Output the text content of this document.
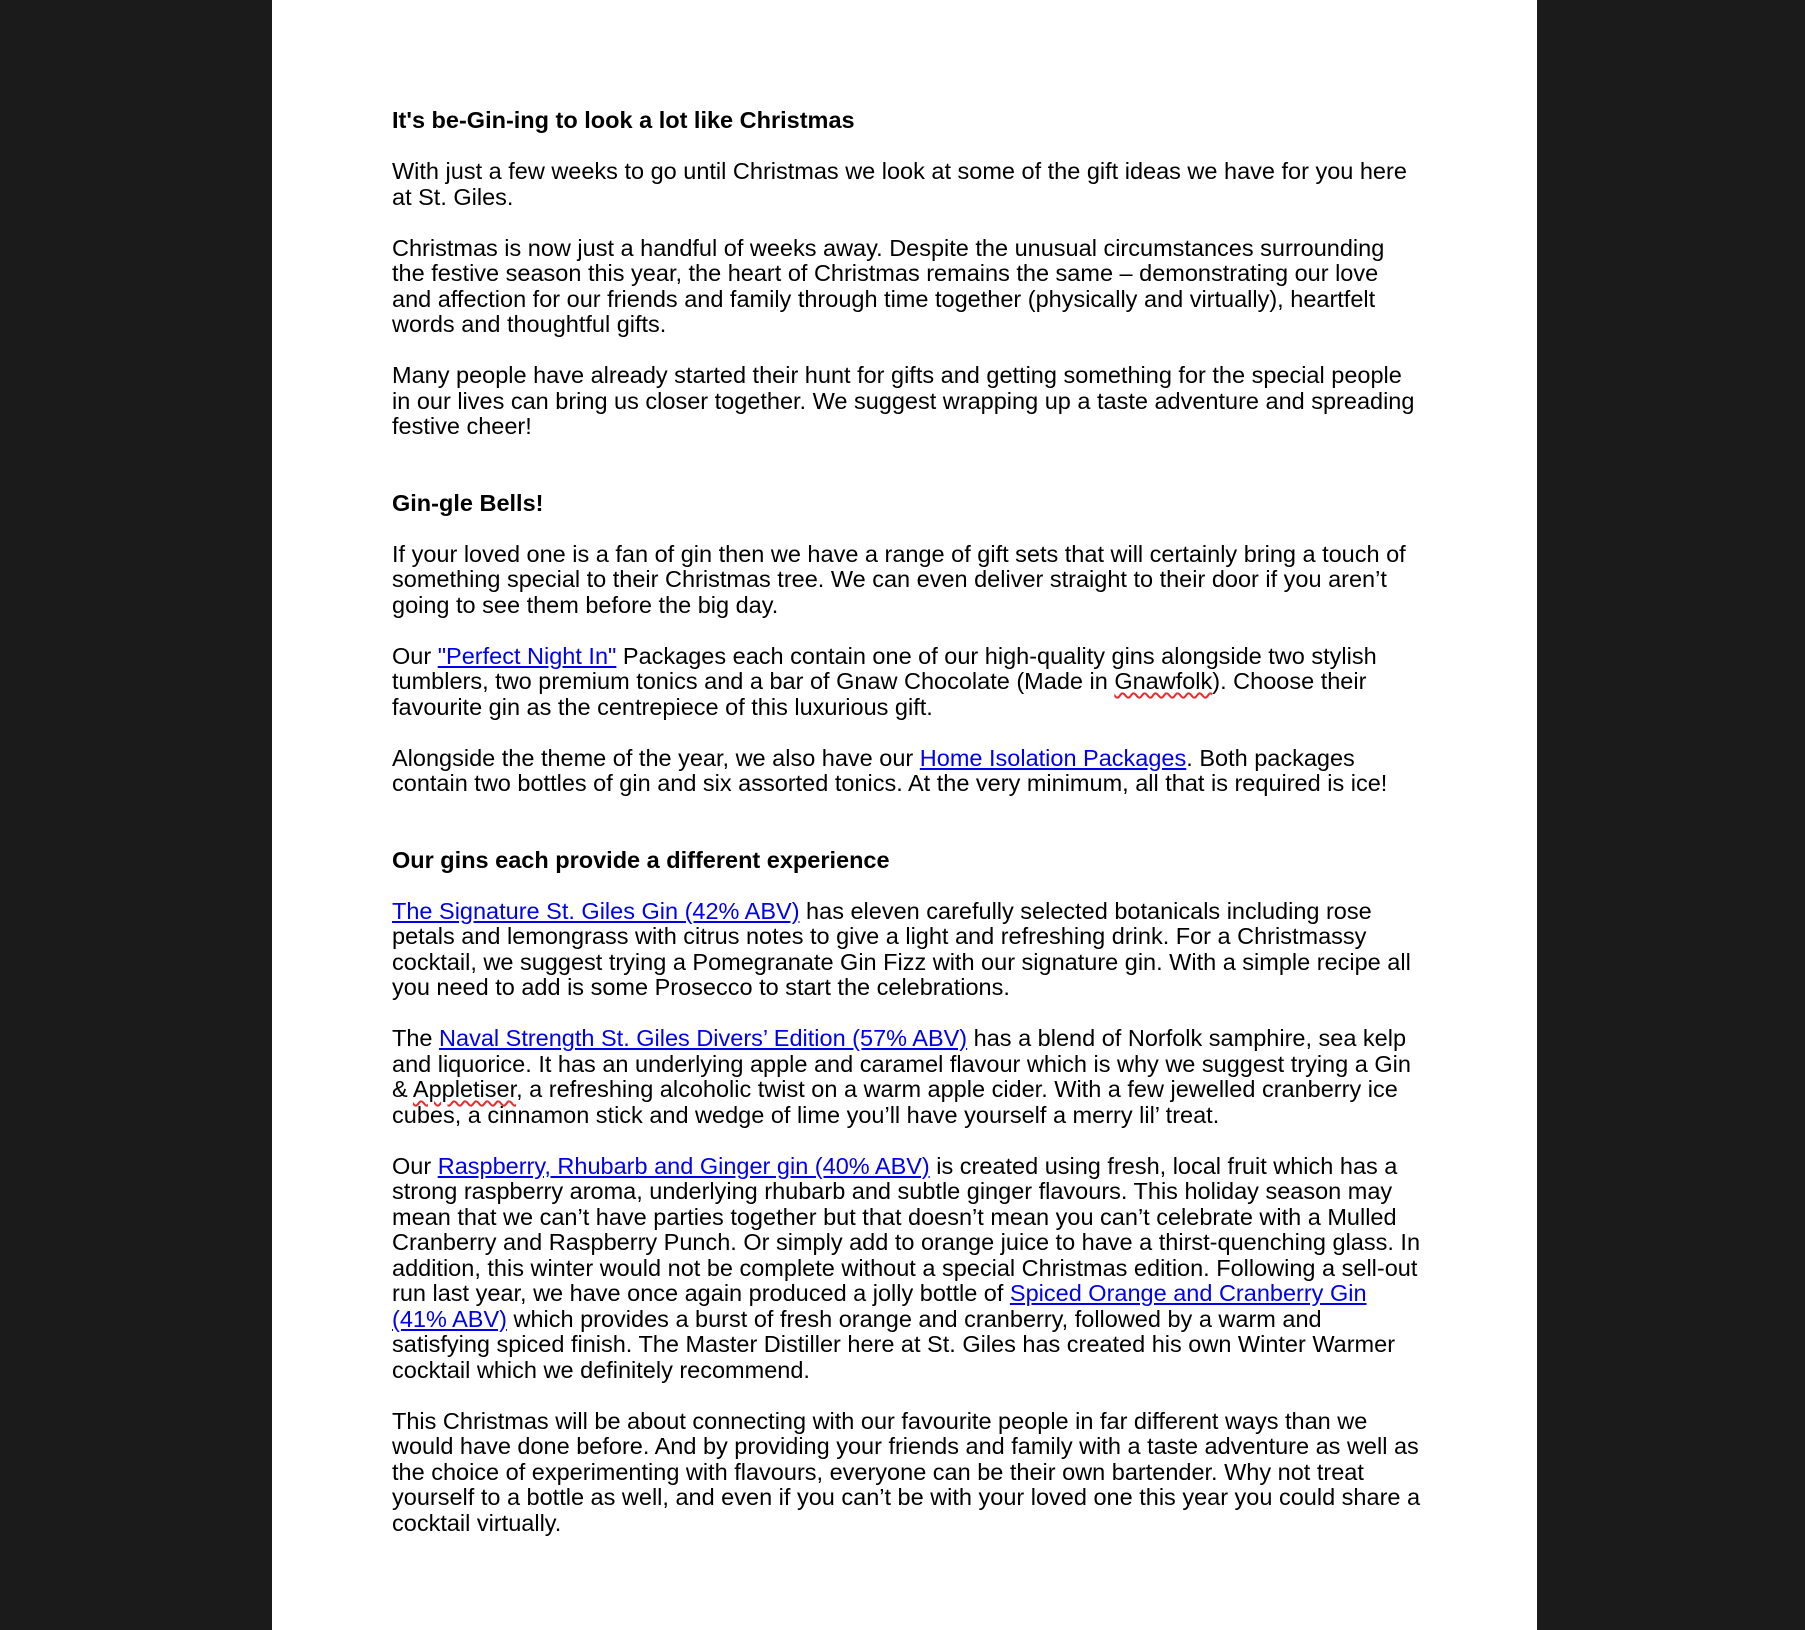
It's be-Gin-ing to look a lot like Christmas

With just a few weeks to go until Christmas we look at some of the gift ideas we have for you here at St. Giles.

Christmas is now just a handful of weeks away. Despite the unusual circumstances surrounding the festive season this year, the heart of Christmas remains the same – demonstrating our love and affection for our friends and family through time together (physically and virtually), heartfelt words and thoughtful gifts.

Many people have already started their hunt for gifts and getting something for the special people in our lives can bring us closer together. We suggest wrapping up a taste adventure and spreading festive cheer!

Gin-gle Bells!

If your loved one is a fan of gin then we have a range of gift sets that will certainly bring a touch of something special to their Christmas tree. We can even deliver straight to their door if you aren’t going to see them before the big day.

Our "Perfect Night In" Packages each contain one of our high-quality gins alongside two stylish tumblers, two premium tonics and a bar of Gnaw Chocolate (Made in Gnawfolk). Choose their favourite gin as the centrepiece of this luxurious gift.

Alongside the theme of the year, we also have our Home Isolation Packages. Both packages contain two bottles of gin and six assorted tonics. At the very minimum, all that is required is ice!

Our gins each provide a different experience

The Signature St. Giles Gin (42% ABV) has eleven carefully selected botanicals including rose petals and lemongrass with citrus notes to give a light and refreshing drink. For a Christmassy cocktail, we suggest trying a Pomegranate Gin Fizz with our signature gin. With a simple recipe all you need to add is some Prosecco to start the celebrations.

The Naval Strength St. Giles Divers’ Edition (57% ABV) has a blend of Norfolk samphire, sea kelp and liquorice. It has an underlying apple and caramel flavour which is why we suggest trying a Gin & Appletiser, a refreshing alcoholic twist on a warm apple cider. With a few jewelled cranberry ice cubes, a cinnamon stick and wedge of lime you’ll have yourself a merry lil’ treat.

Our Raspberry, Rhubarb and Ginger gin (40% ABV) is created using fresh, local fruit which has a strong raspberry aroma, underlying rhubarb and subtle ginger flavours. This holiday season may mean that we can’t have parties together but that doesn’t mean you can’t celebrate with a Mulled Cranberry and Raspberry Punch. Or simply add to orange juice to have a thirst-quenching glass. In addition, this winter would not be complete without a special Christmas edition. Following a sell-out run last year, we have once again produced a jolly bottle of Spiced Orange and Cranberry Gin (41% ABV) which provides a burst of fresh orange and cranberry, followed by a warm and satisfying spiced finish. The Master Distiller here at St. Giles has created his own Winter Warmer cocktail which we definitely recommend.

This Christmas will be about connecting with our favourite people in far different ways than we would have done before. And by providing your friends and family with a taste adventure as well as the choice of experimenting with flavours, everyone can be their own bartender. Why not treat yourself to a bottle as well, and even if you can’t be with your loved one this year you could share a cocktail virtually.
